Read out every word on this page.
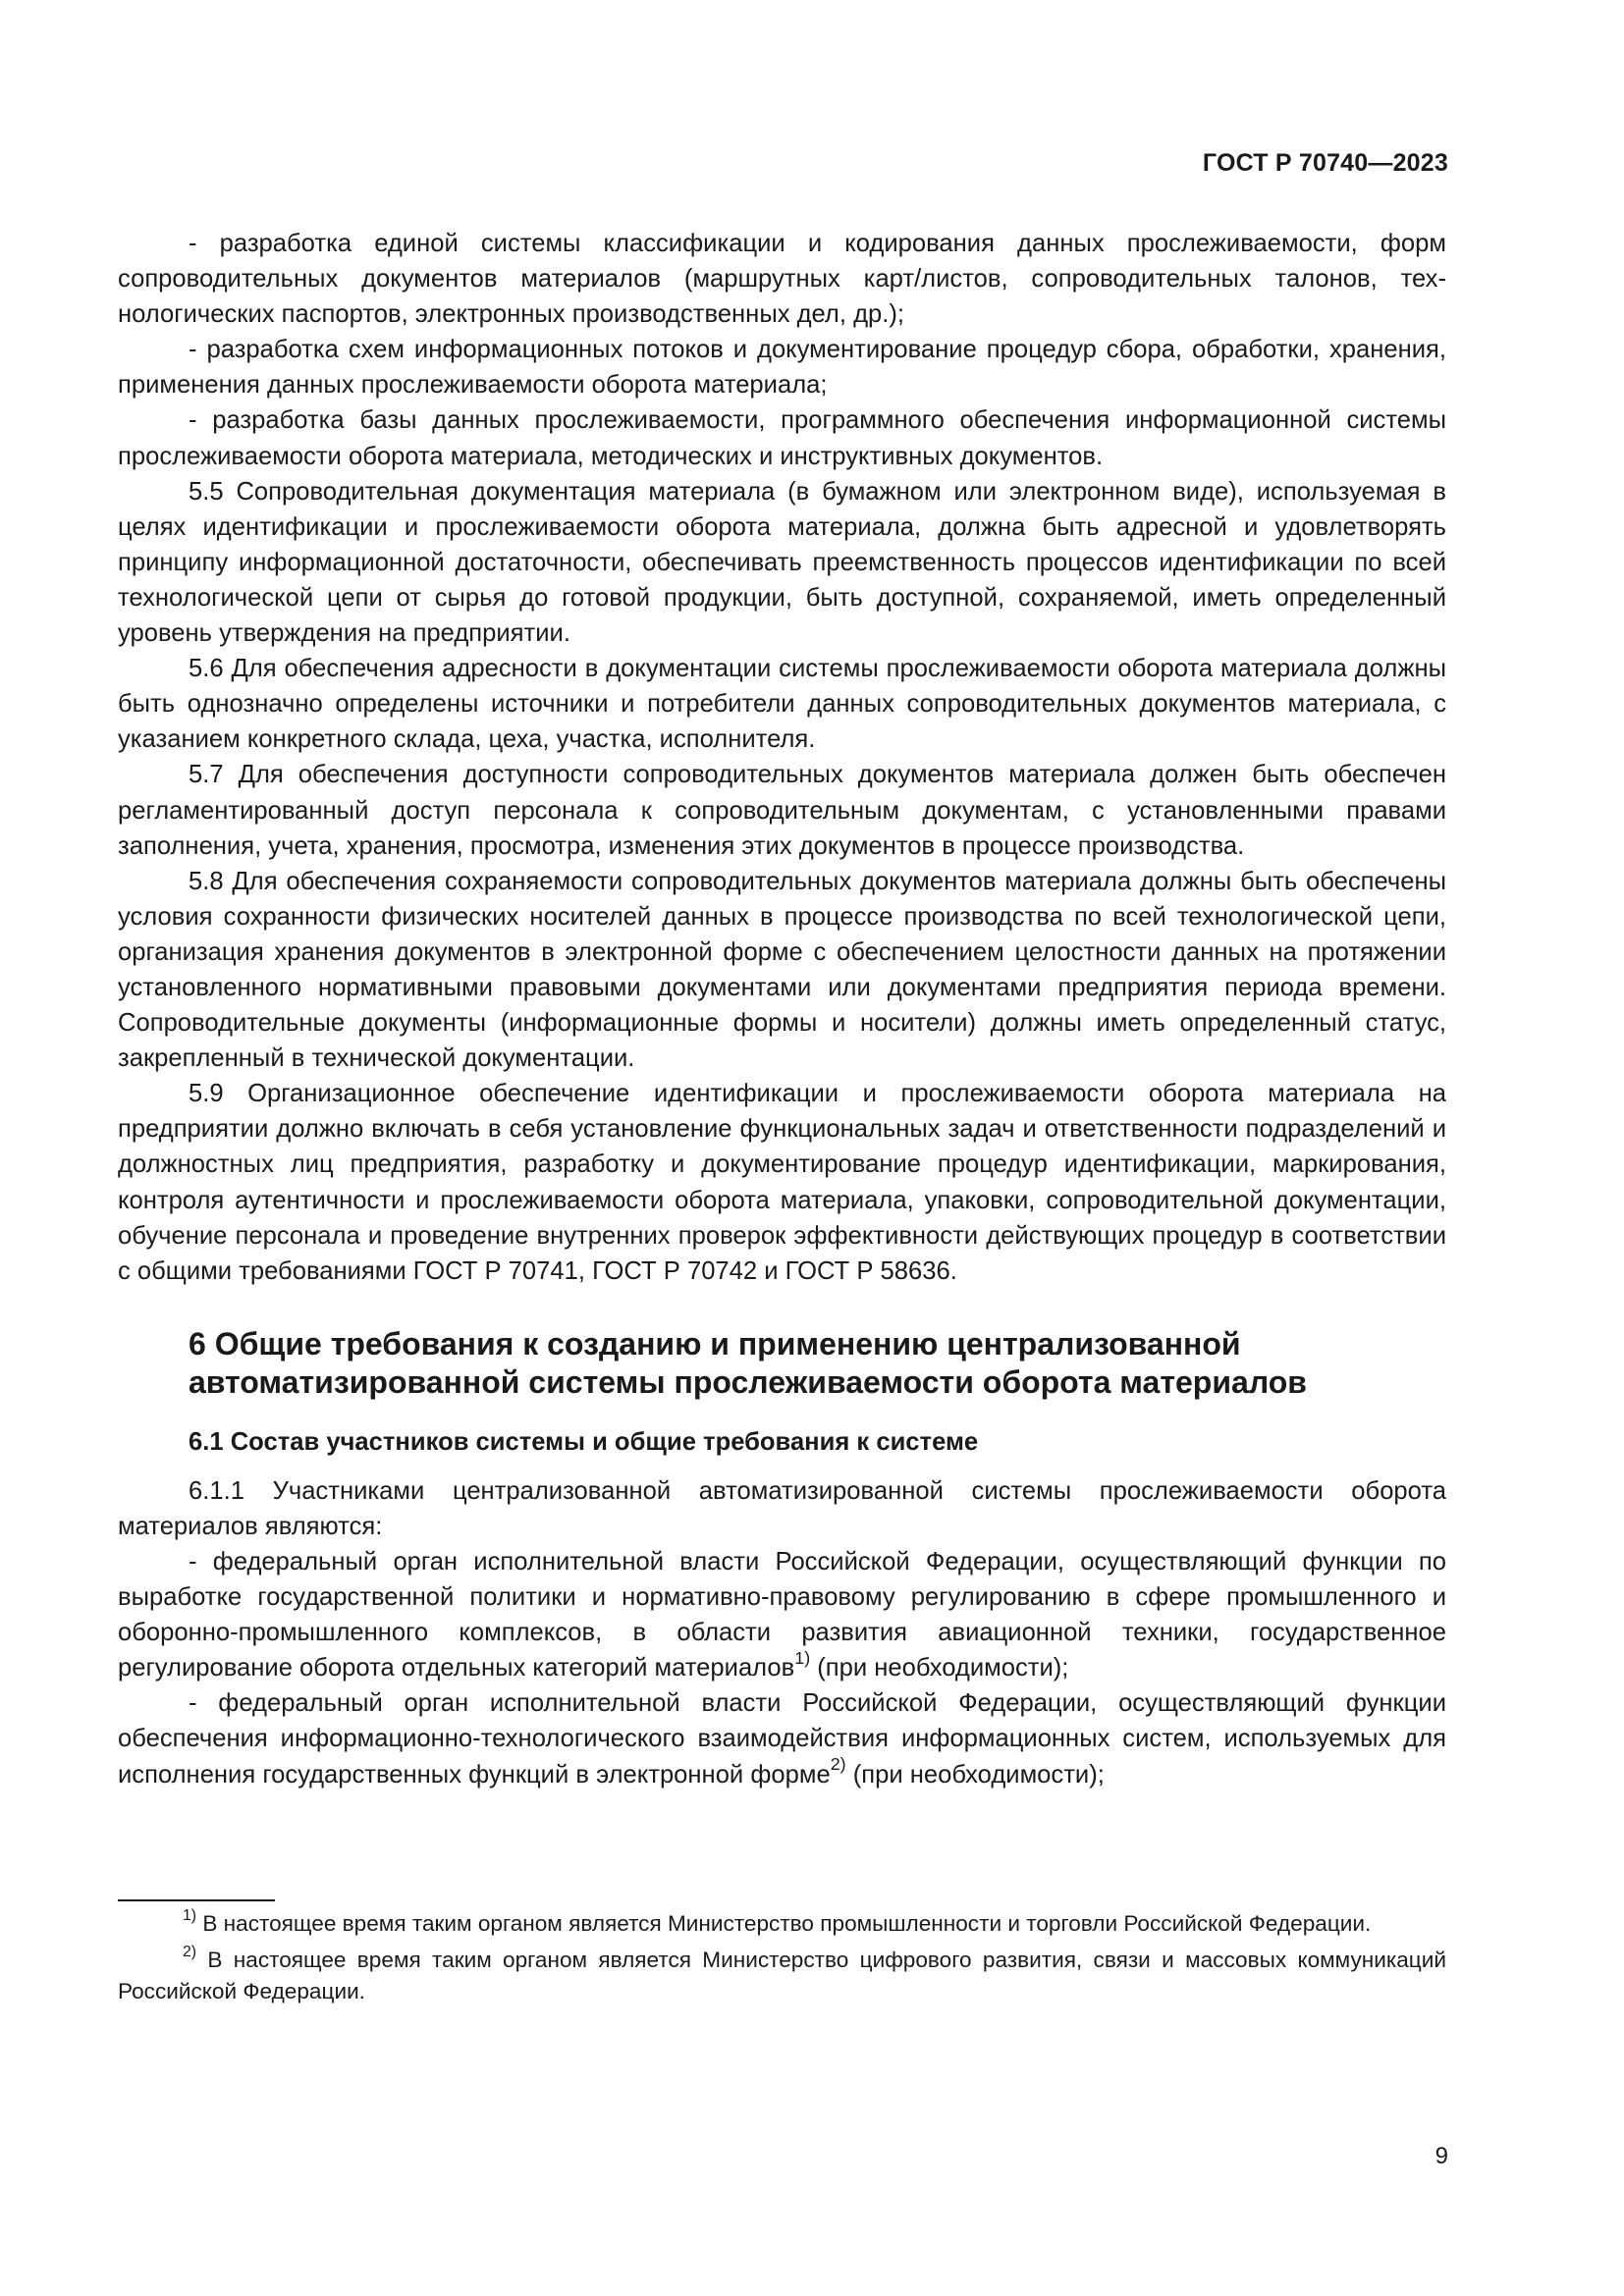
ГОСТ Р 70740—2023

- разработка единой системы классификации и кодирования данных прослеживаемости, форм сопроводительных документов материалов (маршрутных карт/листов, сопроводительных талонов, технологических паспортов, электронных производственных дел, др.);

- разработка схем информационных потоков и документирование процедур сбора, обработки, хранения, применения данных прослеживаемости оборота материала;

- разработка базы данных прослеживаемости, программного обеспечения информационной системы прослеживаемости оборота материала, методических и инструктивных документов.

5.5 Сопроводительная документация материала (в бумажном или электронном виде), используемая в целях идентификации и прослеживаемости оборота материала, должна быть адресной и удовлетворять принципу информационной достаточности, обеспечивать преемственность процессов идентификации по всей технологической цепи от сырья до готовой продукции, быть доступной, сохраняемой, иметь определенный уровень утверждения на предприятии.

5.6 Для обеспечения адресности в документации системы прослеживаемости оборота материала должны быть однозначно определены источники и потребители данных сопроводительных документов материала, с указанием конкретного склада, цеха, участка, исполнителя.

5.7 Для обеспечения доступности сопроводительных документов материала должен быть обеспечен регламентированный доступ персонала к сопроводительным документам, с установленными правами заполнения, учета, хранения, просмотра, изменения этих документов в процессе производства.

5.8 Для обеспечения сохраняемости сопроводительных документов материала должны быть обеспечены условия сохранности физических носителей данных в процессе производства по всей технологической цепи, организация хранения документов в электронной форме с обеспечением целостности данных на протяжении установленного нормативными правовыми документами или документами предприятия периода времени. Сопроводительные документы (информационные формы и носители) должны иметь определенный статус, закрепленный в технической документации.

5.9 Организационное обеспечение идентификации и прослеживаемости оборота материала на предприятии должно включать в себя установление функциональных задач и ответственности подразделений и должностных лиц предприятия, разработку и документирование процедур идентификации, маркирования, контроля аутентичности и прослеживаемости оборота материала, упаковки, сопроводительной документации, обучение персонала и проведение внутренних проверок эффективности действующих процедур в соответствии с общими требованиями ГОСТ Р 70741, ГОСТ Р 70742 и ГОСТ Р 58636.

6 Общие требования к созданию и применению централизованной
автоматизированной системы прослеживаемости оборота материалов
6.1 Состав участников системы и общие требования к системе

6.1.1 Участниками централизованной автоматизированной системы прослеживаемости оборота материалов являются:

- федеральный орган исполнительной власти Российской Федерации, осуществляющий функции по выработке государственной политики и нормативно-правовому регулированию в сфере промышленного и оборонно-промышленного комплексов, в области развития авиационной техники, государственное регулирование оборота отдельных категорий материалов$^{1)}$ (при необходимости);

- федеральный орган исполнительной власти Российской Федерации, осуществляющий функции обеспечения информационно-технологического взаимодействия информационных систем, используемых для исполнения государственных функций в электронной форме$^{2)}$ (при необходимости);

$^{1)}$ В настоящее время таким органом является Министерство промышленности и торговли Российской Федерации.

$^{2)}$ В настоящее время таким органом является Министерство цифрового развития, связи и массовых коммуникаций Российской Федерации.

9
